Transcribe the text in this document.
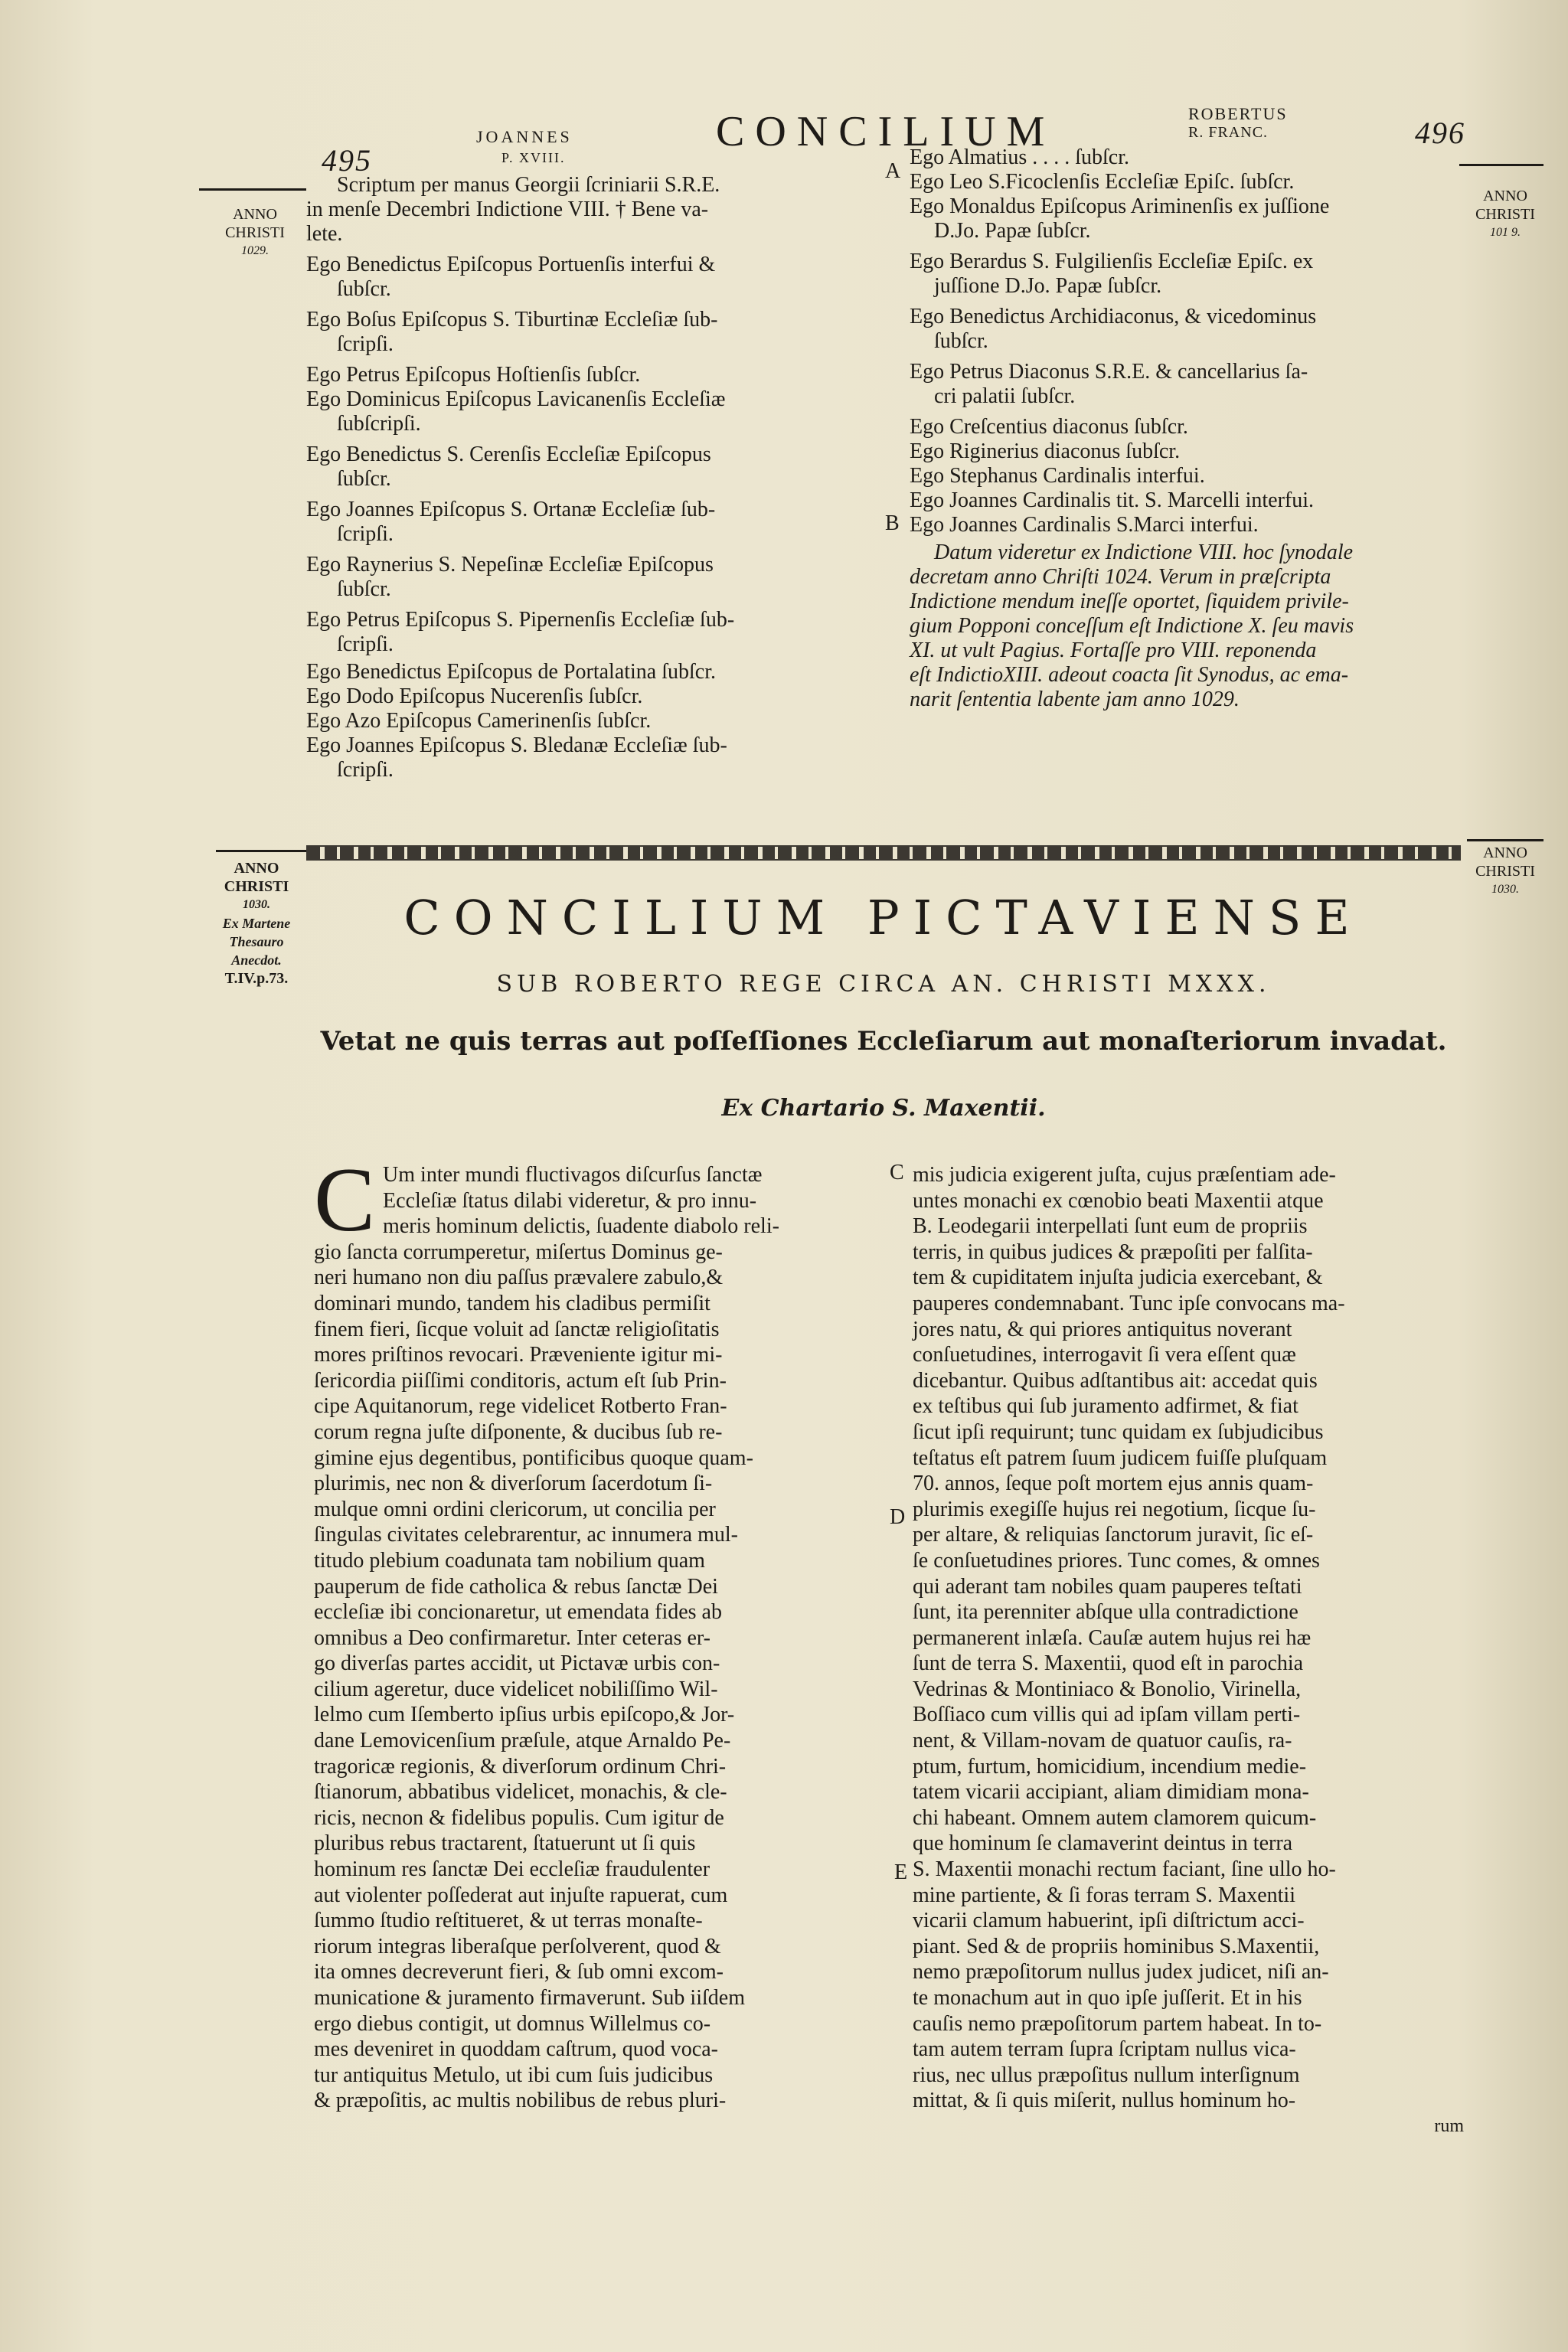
495
JOANNES
P. XVIII.
CONCILIUM	ROBERTUS
R. FRANC.	496
ANNO
CHRISTI
1029.
ANNO
CHRISTI
101 9.

Scriptum per manus Georgii ſcriniarii S.R.E.

in menſe Decembri Indictione VIII. † Bene va-

lete.

Ego Benedictus Epiſcopus Portuenſis interfui &

ſubſcr.

Ego Boſus Epiſcopus S. Tiburtinæ Eccleſiæ ſub-

ſcripſi.

Ego Petrus Epiſcopus Hoſtienſis ſubſcr.

Ego Dominicus Epiſcopus Lavicanenſis Eccleſiæ

ſubſcripſi.

Ego Benedictus S. Cerenſis Eccleſiæ Epiſcopus

ſubſcr.

Ego Joannes Epiſcopus S. Ortanæ Eccleſiæ ſub-

ſcripſi.

Ego Raynerius S. Nepeſinæ Eccleſiæ Epiſcopus

ſubſcr.

Ego Petrus Epiſcopus S. Pipernenſis Eccleſiæ ſub-

ſcripſi.

Ego Benedictus Epiſcopus de Portalatina ſubſcr.

Ego Dodo Epiſcopus Nucerenſis ſubſcr.

Ego Azo Epiſcopus Camerinenſis ſubſcr.

Ego Joannes Epiſcopus S. Bledanæ Eccleſiæ ſub-

ſcripſi.

A
B

Ego Almatius . . . . ſubſcr.

Ego Leo S.Ficoclenſis Eccleſiæ Epiſc. ſubſcr.

Ego Monaldus Epiſcopus Ariminenſis ex juſſione

D.Jo. Papæ ſubſcr.

Ego Berardus S. Fulgilienſis Eccleſiæ Epiſc. ex

juſſione D.Jo. Papæ ſubſcr.

Ego Benedictus Archidiaconus, & vicedominus

ſubſcr.

Ego Petrus Diaconus S.R.E. & cancellarius ſa-

cri palatii ſubſcr.

Ego Creſcentius diaconus ſubſcr.

Ego Riginerius diaconus ſubſcr.

Ego Stephanus Cardinalis interfui.

Ego Joannes Cardinalis tit. S. Marcelli interfui.

Ego Joannes Cardinalis S.Marci interfui.

Datum videretur ex Indictione VIII. hoc ſynodale

decretam anno Chriſti 1024. Verum in præſcripta

Indictione mendum ineſſe oportet, ſiquidem privile-

gium Popponi conceſſum eſt Indictione X. ſeu mavis

XI. ut vult Pagius. Fortaſſe pro VIII. reponenda

eſt IndictioXIII. adeout coacta ſit Synodus, ac ema-

narit ſententia labente jam anno 1029.

ANNO
CHRISTI
1030.
Ex Martene
Thesauro
Anecdot.
T.IV.p.73.
ANNO
CHRISTI
1030.
CONCILIUM PICTAVIENSE
SUB ROBERTO REGE CIRCA AN. CHRISTI MXXX.
Vetat ne quis terras aut poſſeſſiones Eccleſiarum aut monaſteriorum invadat.
Ex Chartario S. Maxentii.
C Um inter mundi fluctivagos diſcurſus ſanctæ

Eccleſiæ ſtatus dilabi videretur, & pro innu-

meris hominum delictis, ſuadente diabolo reli-

gio ſancta corrumperetur, miſertus Dominus ge-

neri humano non diu paſſus prævalere zabulo,&

dominari mundo, tandem his cladibus permiſit

finem fieri, ſicque voluit ad ſanctæ religioſitatis

mores priſtinos revocari. Præveniente igitur mi-

ſericordia piiſſimi conditoris, actum eſt ſub Prin-

cipe Aquitanorum, rege videlicet Rotberto Fran-

corum regna juſte diſponente, & ducibus ſub re-

gimine ejus degentibus, pontificibus quoque quam-

plurimis, nec non & diverſorum ſacerdotum ſi-

mulque omni ordini clericorum, ut concilia per

ſingulas civitates celebrarentur, ac innumera mul-

titudo plebium coadunata tam nobilium quam

pauperum de fide catholica & rebus ſanctæ Dei

eccleſiæ ibi concionaretur, ut emendata fides ab

omnibus a Deo confirmaretur. Inter ceteras er-

go diverſas partes accidit, ut Pictavæ urbis con-

cilium ageretur, duce videlicet nobiliſſimo Wil-

lelmo cum Iſemberto ipſius urbis epiſcopo,& Jor-

dane Lemovicenſium præſule, atque Arnaldo Pe-

tragoricæ regionis, & diverſorum ordinum Chri-

ſtianorum, abbatibus videlicet, monachis, & cle-

ricis, necnon & fidelibus populis. Cum igitur de

pluribus rebus tractarent, ſtatuerunt ut ſi quis

hominum res ſanctæ Dei eccleſiæ fraudulenter

aut violenter poſſederat aut injuſte rapuerat, cum

ſummo ſtudio reſtitueret, & ut terras monaſte-

riorum integras liberaſque perſolverent, quod &

ita omnes decreverunt fieri, & ſub omni excom-

municatione & juramento firmaverunt. Sub iiſdem

ergo diebus contigit, ut domnus Willelmus co-

mes deveniret in quoddam caſtrum, quod voca-

tur antiquitus Metulo, ut ibi cum ſuis judicibus

& præpoſitis, ac multis nobilibus de rebus pluri-

C
D
E

mis judicia exigerent juſta, cujus præſentiam ade-

untes monachi ex cœnobio beati Maxentii atque

B. Leodegarii interpellati ſunt eum de propriis

terris, in quibus judices & præpoſiti per falſita-

tem & cupiditatem injuſta judicia exercebant, &

pauperes condemnabant. Tunc ipſe convocans ma-

jores natu, & qui priores antiquitus noverant

conſuetudines, interrogavit ſi vera eſſent quæ

dicebantur. Quibus adſtantibus ait: accedat quis

ex teſtibus qui ſub juramento adfirmet, & fiat

ſicut ipſi requirunt; tunc quidam ex ſubjudicibus

teſtatus eſt patrem ſuum judicem fuiſſe pluſquam

70. annos, ſeque poſt mortem ejus annis quam-

plurimis exegiſſe hujus rei negotium, ſicque ſu-

per altare, & reliquias ſanctorum juravit, ſic eſ-

ſe conſuetudines priores. Tunc comes, & omnes

qui aderant tam nobiles quam pauperes teſtati

ſunt, ita perenniter abſque ulla contradictione

permanerent inlæſa. Cauſæ autem hujus rei hæ

ſunt de terra S. Maxentii, quod eſt in parochia

Vedrinas & Montiniaco & Bonolio, Virinella,

Boſſiaco cum villis qui ad ipſam villam perti-

nent, & Villam-novam de quatuor cauſis, ra-

ptum, furtum, homicidium, incendium medie-

tatem vicarii accipiant, aliam dimidiam mona-

chi habeant. Omnem autem clamorem quicum-

que hominum ſe clamaverint deintus in terra

S. Maxentii monachi rectum faciant, ſine ullo ho-

mine partiente, & ſi foras terram S. Maxentii

vicarii clamum habuerint, ipſi diſtrictum acci-

piant. Sed & de propriis hominibus S.Maxentii,

nemo præpoſitorum nullus judex judicet, niſi an-

te monachum aut in quo ipſe juſſerit. Et in his

cauſis nemo præpoſitorum partem habeat. In to-

tam autem terram ſupra ſcriptam nullus vica-

rius, nec ullus præpoſitus nullum interſignum

mittat, & ſi quis miſerit, nullus hominum ho-

rum
